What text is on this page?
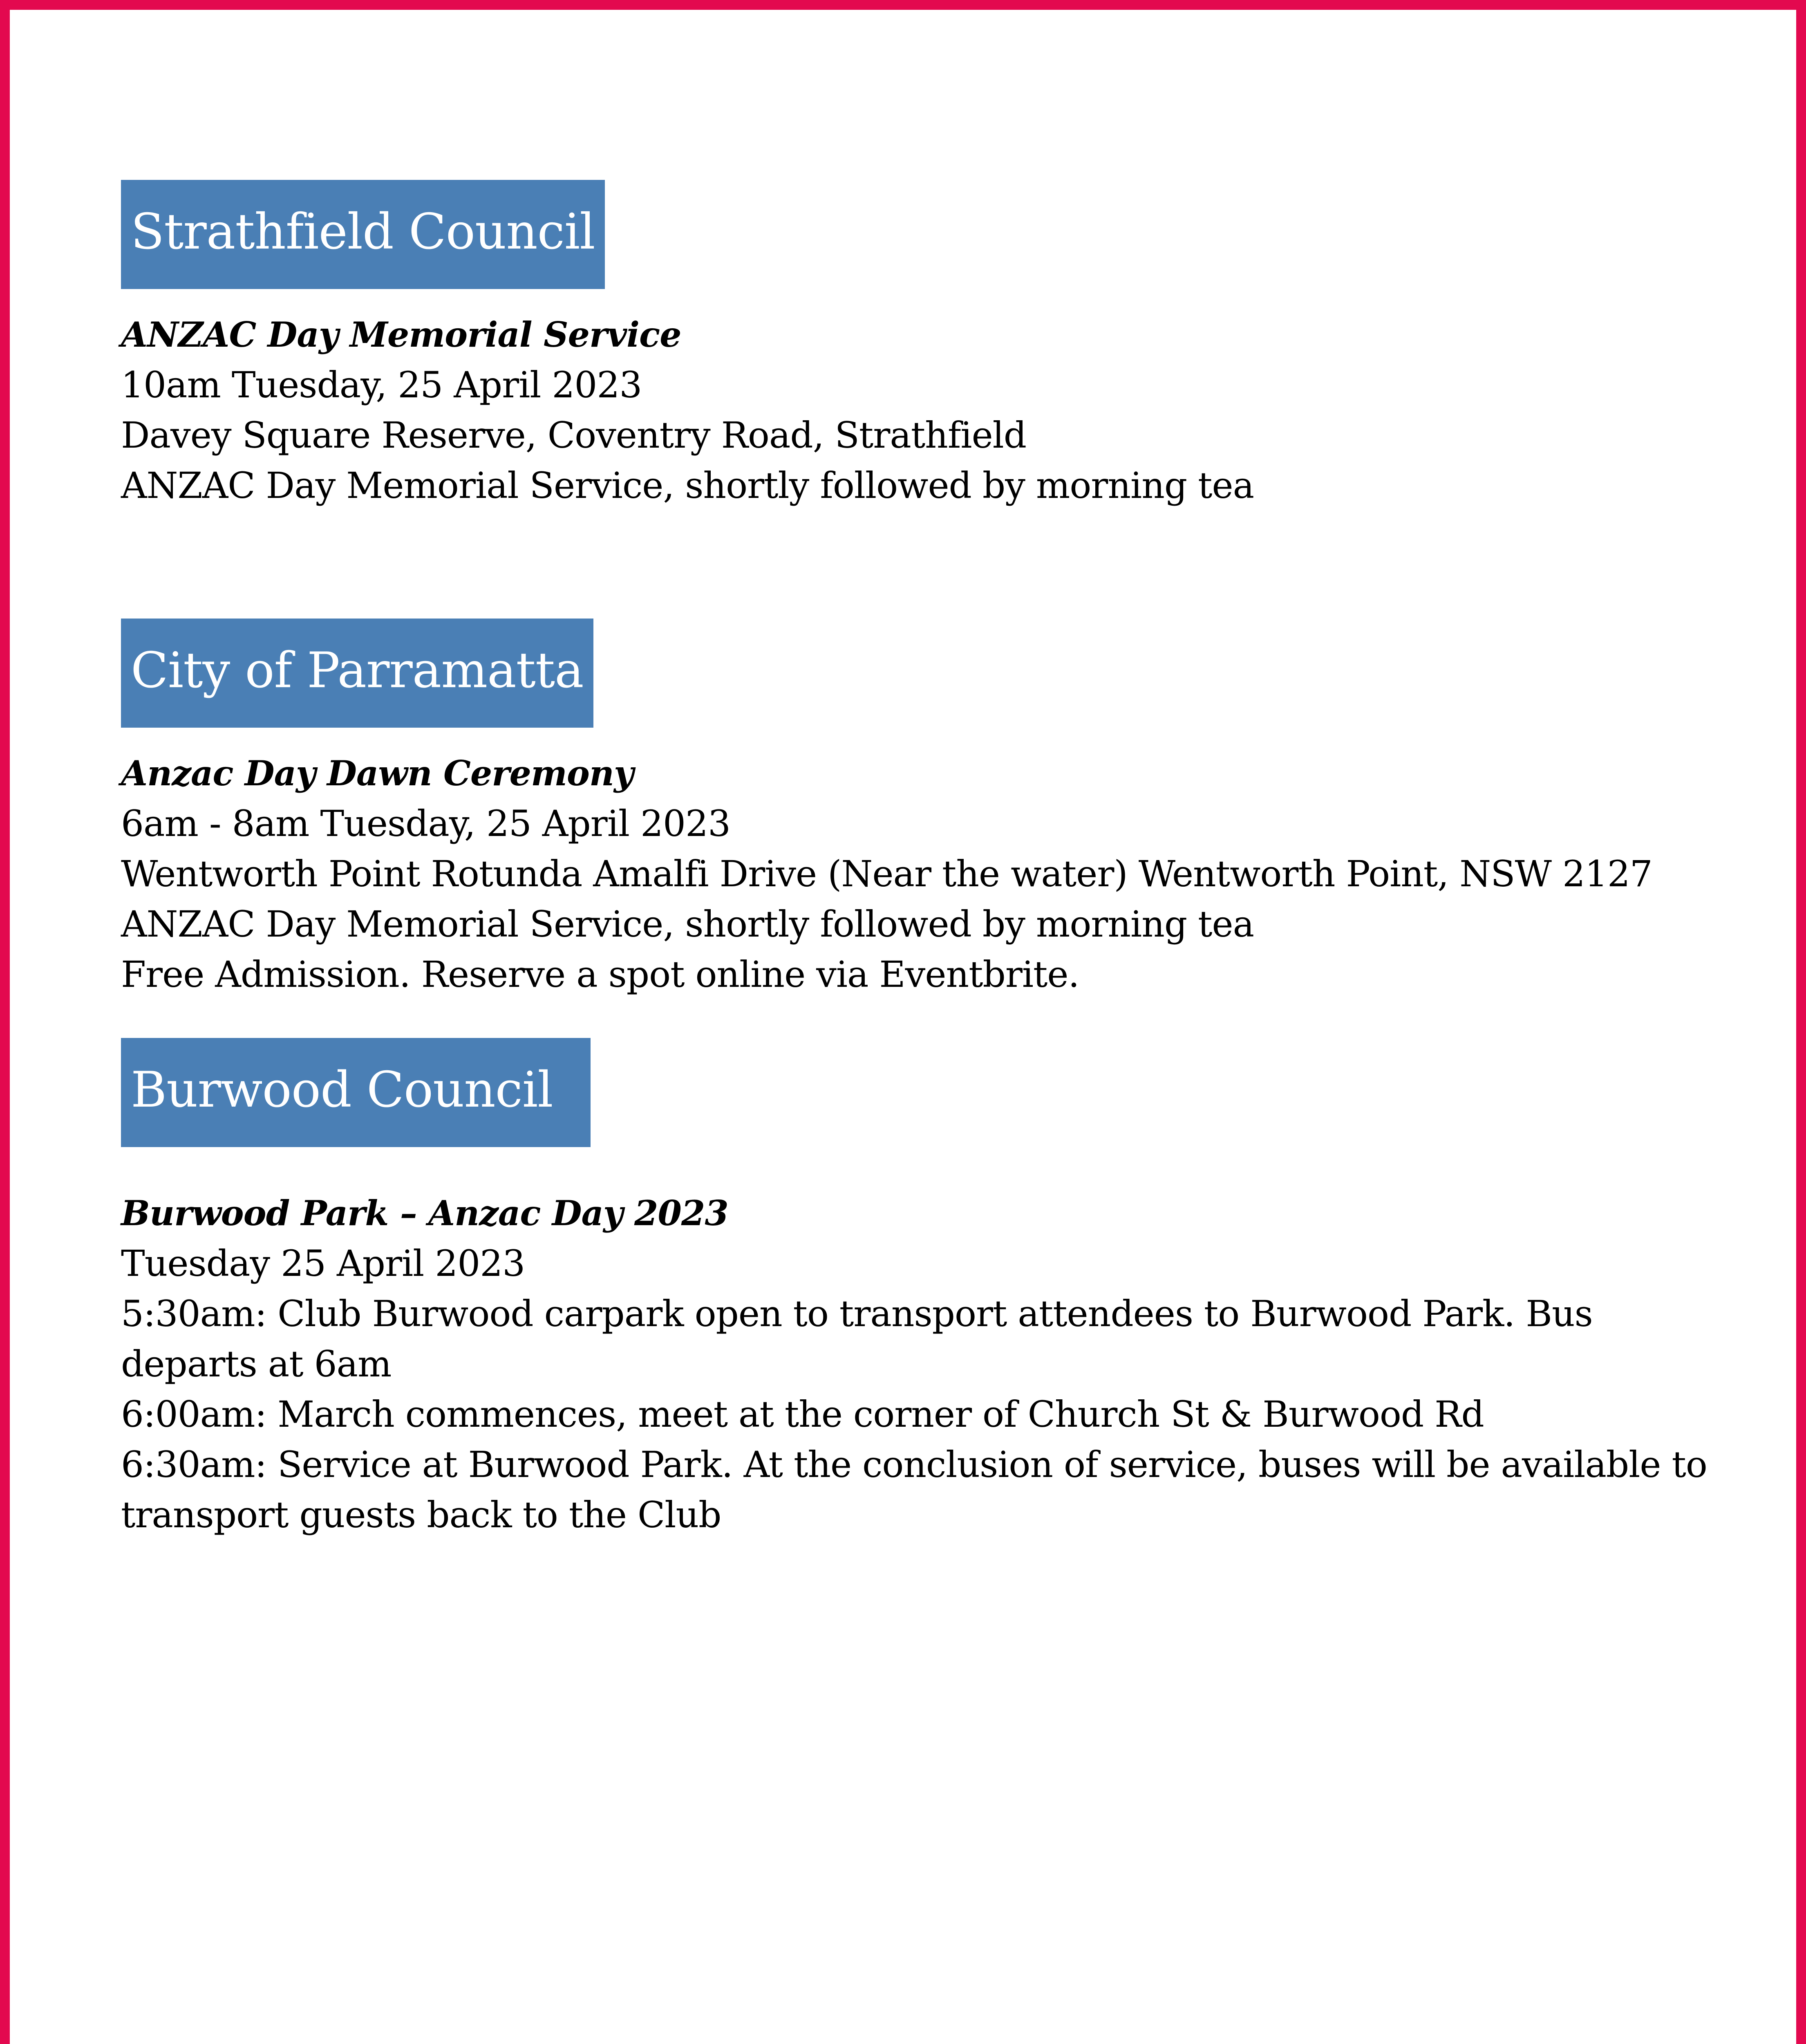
Strathfield Council
ANZAC Day Memorial Service
10am Tuesday, 25 April 2023
Davey Square Reserve, Coventry Road, Strathfield
ANZAC Day Memorial Service, shortly followed by morning tea
City of Parramatta
Anzac Day Dawn Ceremony
6am - 8am Tuesday, 25 April 2023
Wentworth Point Rotunda Amalfi Drive (Near the water) Wentworth Point, NSW 2127
ANZAC Day Memorial Service, shortly followed by morning tea
Free Admission. Reserve a spot online via Eventbrite.
Burwood Council
Burwood Park – Anzac Day 2023
Tuesday 25 April 2023
5:30am: Club Burwood carpark open to transport attendees to Burwood Park. Bus departs at 6am
6:00am: March commences, meet at the corner of Church St & Burwood Rd
6:30am: Service at Burwood Park. At the conclusion of service, buses will be available to transport guests back to the Club
